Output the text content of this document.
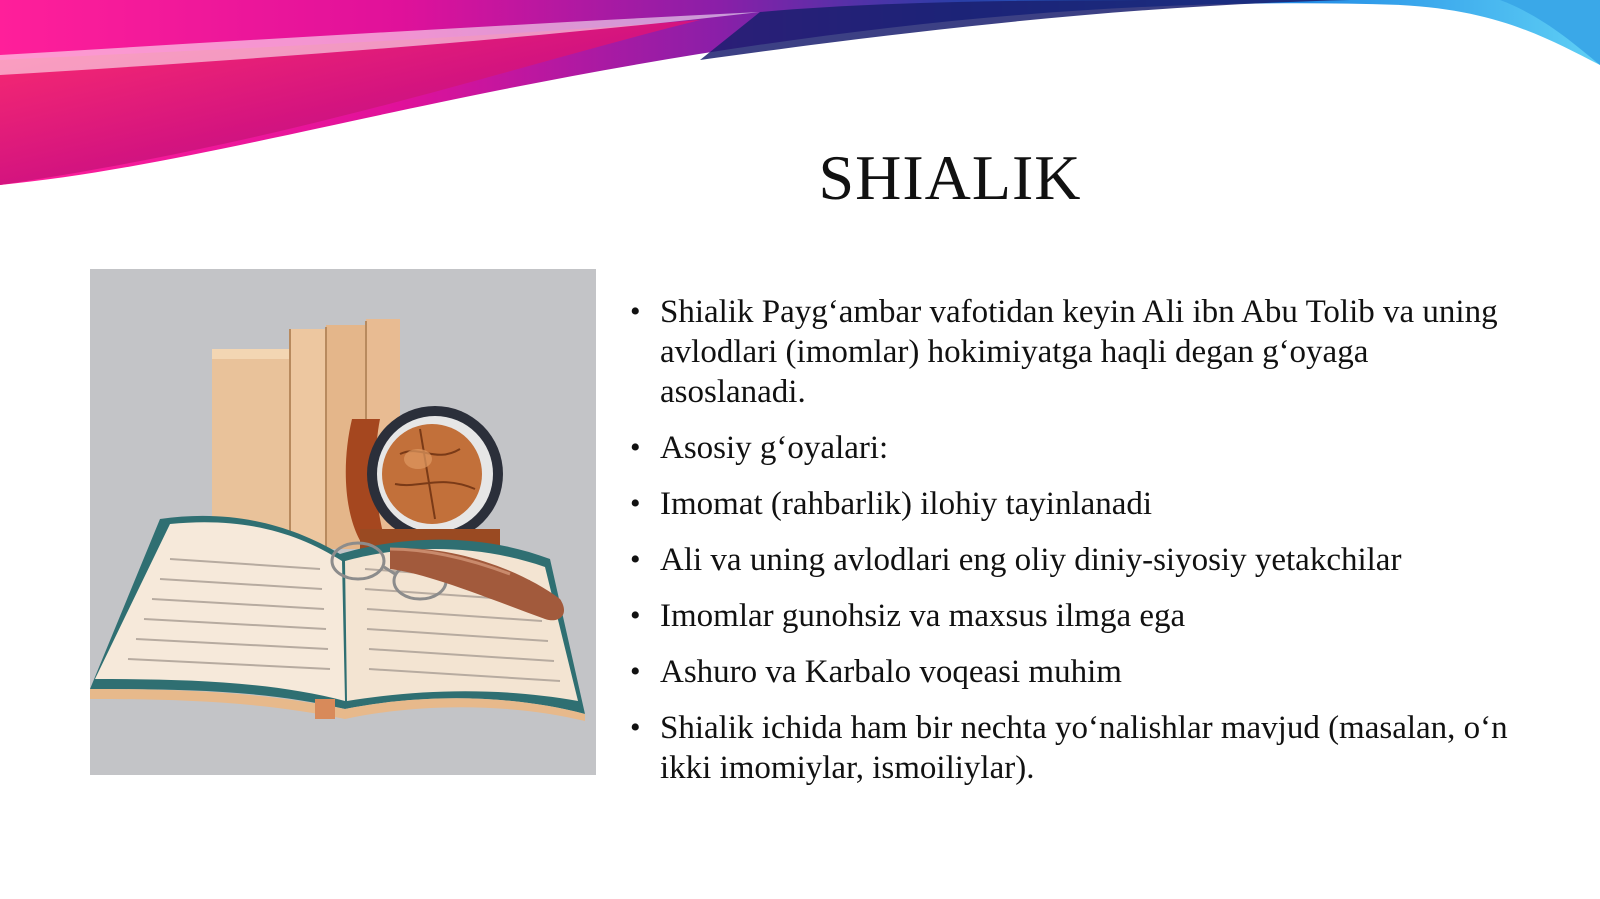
SHIALIK
• Shialik Payg‘ambar vafotidan keyin Ali ibn Abu Tolib va uning avlodlari (imomlar) hokimiyatga haqli degan g‘oyaga asoslanadi.
• Asosiy g‘oyalari:
• Imomat (rahbarlik) ilohiy tayinlanadi
• Ali va uning avlodlari eng oliy diniy-siyosiy yetakchilar
• Imomlar gunohsiz va maxsus ilmga ega
• Ashuro va Karbalo voqeasi muhim
• Shialik ichida ham bir nechta yo‘nalishlar mavjud (masalan, o‘n ikki imomiylar, ismoiliylar).
